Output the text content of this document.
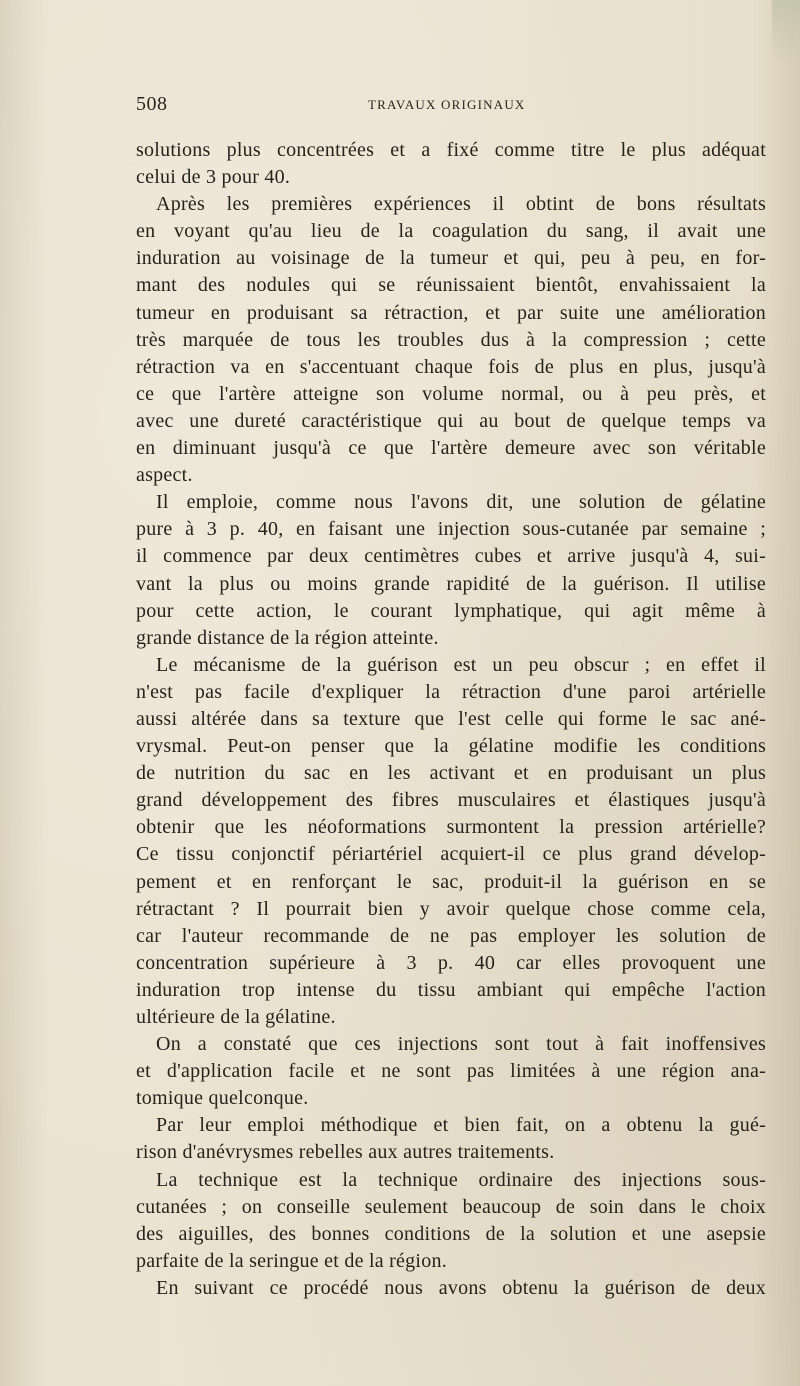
508	TRAVAUX ORIGINAUX
solutions plus concentrées et a fixé comme titre le plus adéquat
celui de 3 pour 40.
Après les premières expériences il obtint de bons résultats
en voyant qu'au lieu de la coagulation du sang, il avait une
induration au voisinage de la tumeur et qui, peu à peu, en for-
mant des nodules qui se réunissaient bientôt, envahissaient la
tumeur en produisant sa rétraction, et par suite une amélioration
très marquée de tous les troubles dus à la compression ; cette
rétraction va en s'accentuant chaque fois de plus en plus, jusqu'à
ce que l'artère atteigne son volume normal, ou à peu près, et
avec une dureté caractéristique qui au bout de quelque temps va
en diminuant jusqu'à ce que l'artère demeure avec son véritable
aspect.
Il emploie, comme nous l'avons dit, une solution de gélatine
pure à 3 p. 40, en faisant une injection sous-cutanée par semaine ;
il commence par deux centimètres cubes et arrive jusqu'à 4, sui-
vant la plus ou moins grande rapidité de la guérison. Il utilise
pour cette action, le courant lymphatique, qui agit même à
grande distance de la région atteinte.
Le mécanisme de la guérison est un peu obscur ; en effet il
n'est pas facile d'expliquer la rétraction d'une paroi artérielle
aussi altérée dans sa texture que l'est celle qui forme le sac ané-
vrysmal. Peut-on penser que la gélatine modifie les conditions
de nutrition du sac en les activant et en produisant un plus
grand développement des fibres musculaires et élastiques jusqu'à
obtenir que les néoformations surmontent la pression artérielle?
Ce tissu conjonctif périartériel acquiert-il ce plus grand dévelop-
pement et en renforçant le sac, produit-il la guérison en se
rétractant ? Il pourrait bien y avoir quelque chose comme cela,
car l'auteur recommande de ne pas employer les solution de
concentration supérieure à 3 p. 40 car elles provoquent une
induration trop intense du tissu ambiant qui empêche l'action
ultérieure de la gélatine.
On a constaté que ces injections sont tout à fait inoffensives
et d'application facile et ne sont pas limitées à une région ana-
tomique quelconque.
Par leur emploi méthodique et bien fait, on a obtenu la gué-
rison d'anévrysmes rebelles aux autres traitements.
La technique est la technique ordinaire des injections sous-
cutanées ; on conseille seulement beaucoup de soin dans le choix
des aiguilles, des bonnes conditions de la solution et une asepsie
parfaite de la seringue et de la région.
En suivant ce procédé nous avons obtenu la guérison de deux
